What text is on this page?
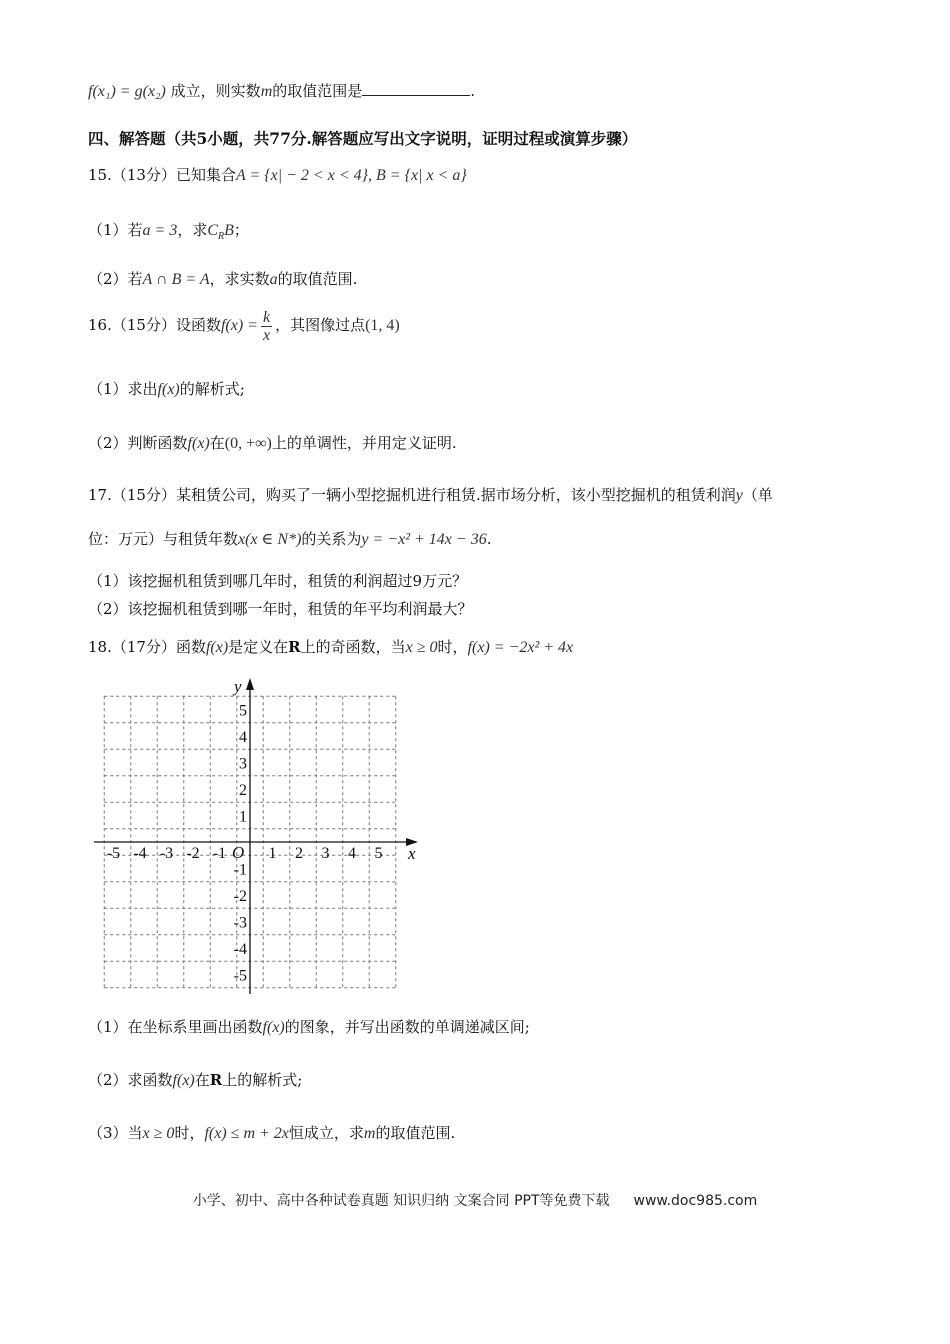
f(x₁) = g(x₂) 成立，则实数m的取值范围是	.
四、解答题（共5小题，共77分.解答题应写出文字说明，证明过程或演算步骤）
15.（13分）已知集合A = {x| − 2 < x < 4}, B = {x| x < a}
（1）若a = 3，求$C_RB$；
（2）若A ∩ B = A，求实数a的取值范围.
16.（15分）设函数$f(x) = \frac{k}{x}$ ，其图像过点(1, 4)
（1）求出f(x)的解析式;
（2）判断函数f(x)在(0, +∞)上的单调性，并用定义证明.
17.（15分）某租赁公司，购买了一辆小型挖掘机进行租赁.据市场分析，该小型挖掘机的租赁利润y（单
位：万元）与租赁年数x(x ∈ N*)的关系为y = −x² + 14x − 36.
（1）该挖掘机租赁到哪几年时，租赁的利润超过9万元？
（2）该挖掘机租赁到哪一年时，租赁的年平均利润最大？
18.（17分）函数f(x)是定义在R上的奇函数，当x ≥ 0时，f(x) = −2x² + 4x
x
y
O
-5 -4 -3 -2 -1	1 2 3 4 5
5
4
3
2
1
-1
-2
-3
-4
-5
（1）在坐标系里画出函数f(x)的图象，并写出函数的单调递减区间;
（2）求函数f(x)在R上的解析式;
（3）当x ≥ 0时，f(x) ≤ m + 2x恒成立，求m的取值范围.
小学、初中、高中各种试卷真题 知识归纳 文案合同 PPT等免费下载 www.doc985.com
